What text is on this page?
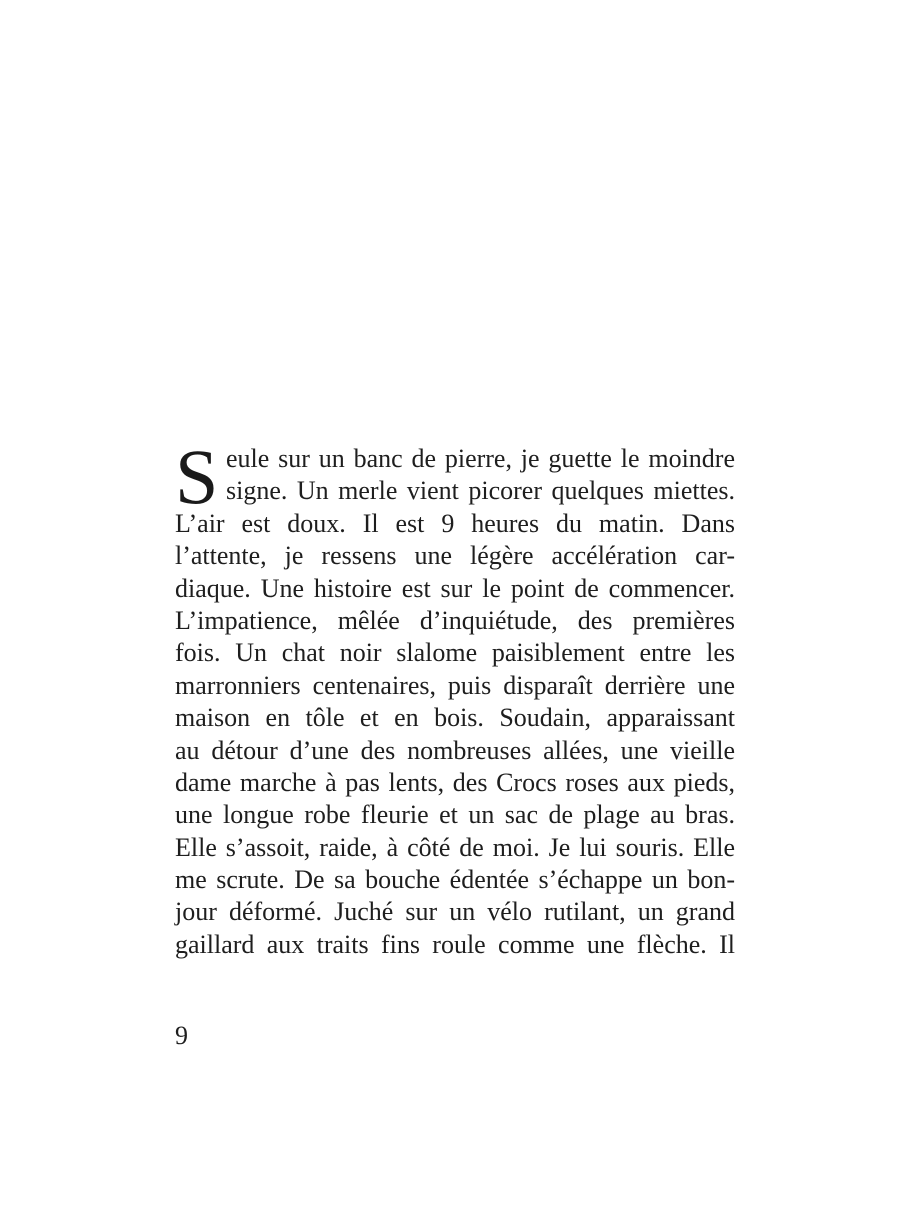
S eule sur un banc de pierre, je guette le moindre
signe. Un merle vient picorer quelques miettes.
L’air est doux. Il est 9 heures du matin. Dans
l’attente, je ressens une légère accélération car-
diaque. Une histoire est sur le point de commencer.
L’impatience, mêlée d’inquiétude, des premières
fois. Un chat noir slalome paisiblement entre les
marronniers centenaires, puis disparaît derrière une
maison en tôle et en bois. Soudain, apparaissant
au détour d’une des nombreuses allées, une vieille
dame marche à pas lents, des Crocs roses aux pieds,
une longue robe fleurie et un sac de plage au bras.
Elle s’assoit, raide, à côté de moi. Je lui souris. Elle
me scrute. De sa bouche édentée s’échappe un bon-
jour déformé. Juché sur un vélo rutilant, un grand
gaillard aux traits fins roule comme une flèche. Il
9
